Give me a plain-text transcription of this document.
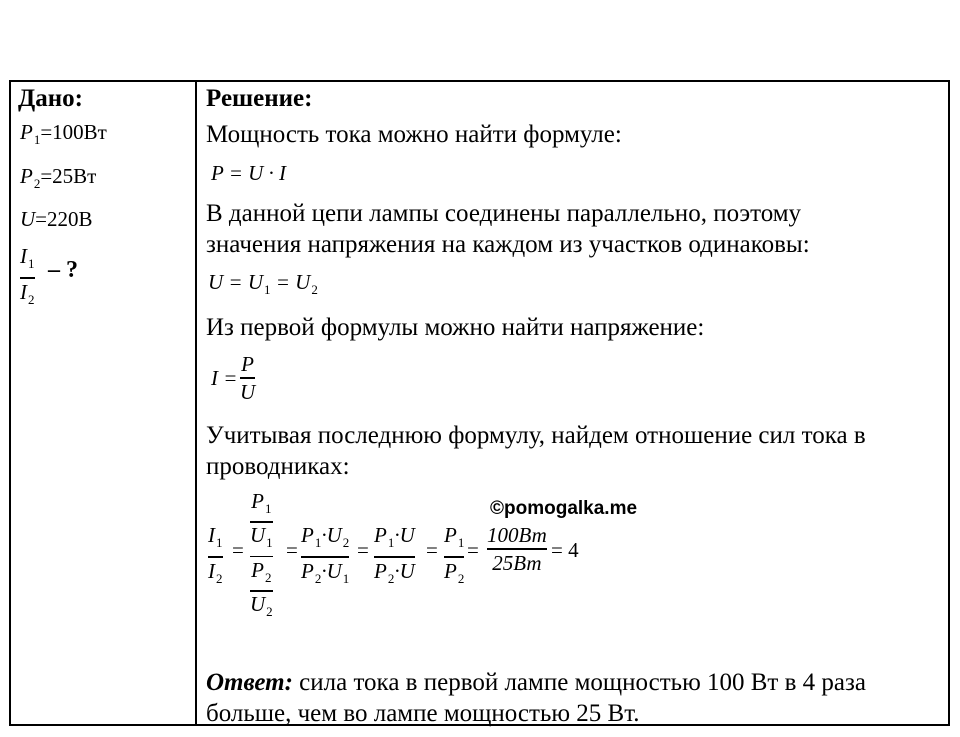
Дано:
$P_1=100Вт$
$P_2=25Вт$
U=220В
$I_1$
$I_2$
– ?
Решение:
Мощность тока можно найти формуле:
P = U · I
В данной цепи лампы соединены параллельно, поэтому
значения напряжения на каждом из участков одинаковы:
$U = U_1 = U_2$
Из первой формулы можно найти напряжение:
I =
P
U
Учитывая последнюю формулу, найдем отношение сил тока в
проводниках:
©pomogalka.me
$I_1$
$I_2$
=
$P_1$
$U_1$
$P_2$
$U_2$
=
$P_1\cdot U_2$
$P_2\cdot U_1$
=
$P_1\cdot U$
$P_2\cdot U$
=
$P_1$
$P_2$
=
100Вт
25Вт
= 4
Ответ: сила тока в первой лампе мощностью 100 Вт в 4 раза
больше, чем во лампе мощностью 25 Вт.
